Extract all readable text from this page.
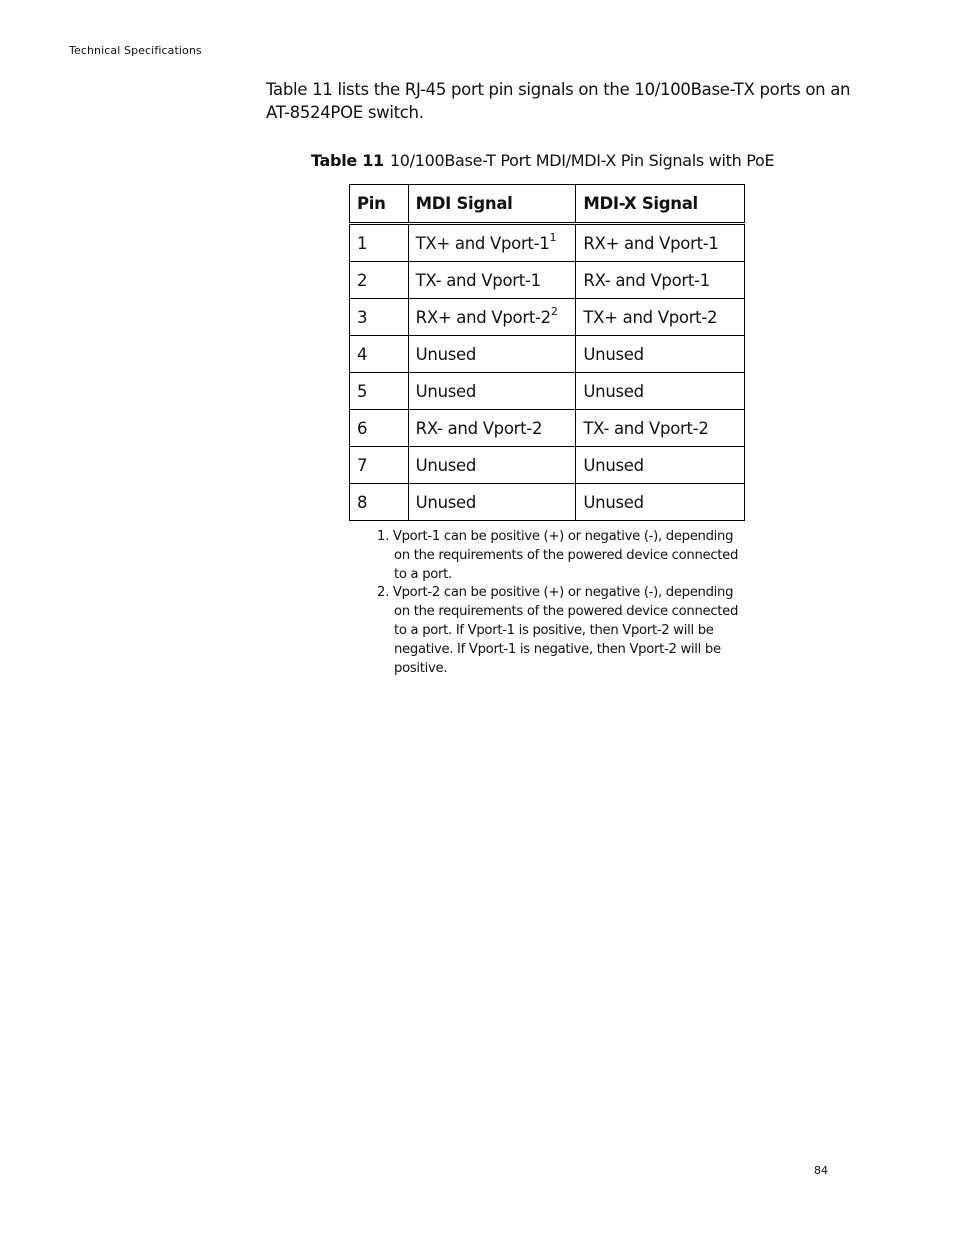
Technical Specifications

Table 11 lists the RJ-45 port pin signals on the 10/100Base-TX ports on an AT-8524POE switch.

Table 11 10/100Base-T Port MDI/MDI-X Pin Signals with PoE
Pin	MDI Signal	MDI-X Signal
1	TX+ and Vport-$1^1$	RX+ and Vport-1
2	TX- and Vport-1	RX- and Vport-1
3	RX+ and Vport-$2^2$	TX+ and Vport-2
4	Unused	Unused
5	Unused	Unused
6	RX- and Vport-2	TX- and Vport-2
7	Unused	Unused
8	Unused	Unused
1. Vport-1 can be positive (+) or negative (-), depending on the requirements of the powered device connected to a port.
2. Vport-2 can be positive (+) or negative (-), depending on the requirements of the powered device connected to a port. If Vport-1 is positive, then Vport-2 will be negative. If Vport-1 is negative, then Vport-2 will be positive.
84
